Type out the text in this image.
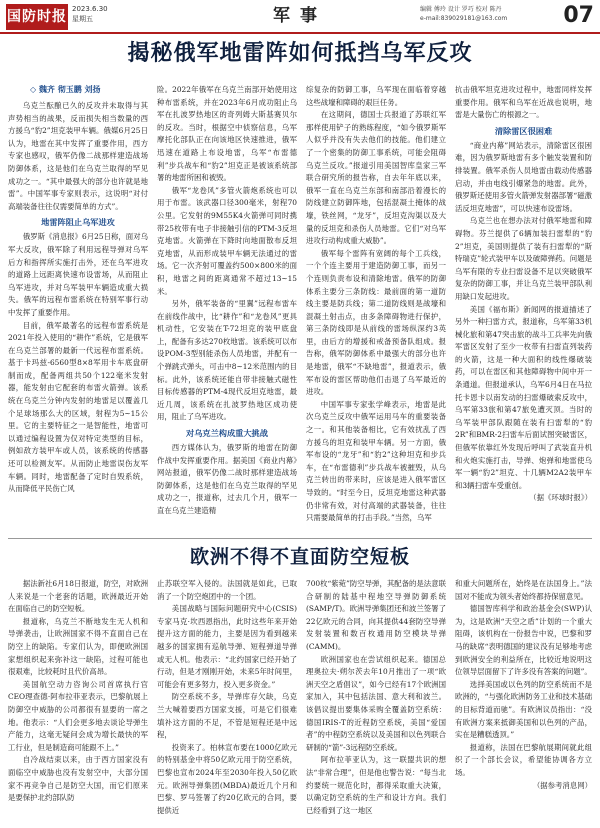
国防时报 2023.6.30
星期五	军事	编辑 傅玲 设计 罗巧 校对 陈丹
e-mail:839029181@163.com	07
揭秘俄军地雷阵如何抵挡乌军反攻
◇ 魏齐 彻玉鹏 刘扬

乌克兰酝酿已久的反攻并未取得与其声势相当的战果，反而损失相当数量的西方援乌“豹2”坦克装甲车辆。俄媒6月25日认为，地雷在其中发挥了重要作用，西方专家也感叹，俄军仍像二战那样建造战场防御体系，这是他们在乌克兰取得的罕见成功之一。“其中最强大的部分也许就是地雷”。中国军事专家则表示，这说明“对付高端装备往往仅需要简单的方式”。

地雷阵阻止乌军进攻

俄罗斯《消息报》6月25日称，面对乌军大反攻，俄军除了利用远程导弹对乌军后方和指挥所实施打击外，还在乌军进攻的道路上远距离快速布设雷场，从而阻止乌军进攻，并对乌军装甲车辆造成重大损失。俄军的远程布雷系统在特别军事行动中发挥了重要作用。

目前，俄军最著名的远程布雷系统是2021年投入使用的“耕作”系统，它是俄军在乌克兰部署的最新一代远程布雷系统。基于卡玛兹-6560型8×8军用卡车底盘研制而成，配备两组共50个122毫米发射器，能发射由它配套的布雷火箭弹。该系统在乌克兰分钟内发射的地雷足以覆盖几个足球场那么大的区域，射程为5~15公里。它的主要特征之一是智能性，地雷可以通过编程设置为仅对特定类型的目标，例如敌方装甲车或人员，该系统的传感器还可以检测友军。从而防止地雷误伤友军车辆。同时，地雷配备了定时自毁系统，从而降低平民伤亡风

险。2022年俄军在乌克兰南部开始使用这种布雷系统，并在2023年6月成功阻止乌军在扎波罗热地区的奇列姆大斯基赛贝尔的反攻。当时，根据空中侦察信息，乌军摩托化部队正在向该地区快速推进，俄军迅速在道路上布设地雷，乌军“布雷德利”步兵战车和“豹2”坦克正是被该系统部署的地雷所困和被毁。

俄军“龙卷风”多管火箭炮系统也可以用于布雷。该武器口径300毫米，射程70公里。它发射的9M55K4火箭弹可同时携带25枚带有电子非接触引信的PTM-3反坦克地雷。火箭弹在下降时向地面散布反坦克地雷，从而形成装甲车辆无法通过的雷场。它一次齐射可覆盖约500×800米的面积，地雷之间的距离通常不超过13~15米。

另外，俄军装备的“里翼”远程布雷车在前线作战中，比“耕作”和“龙卷风”更具机动性，它安装在T-72坦克的装甲底盘上，配备有多达270枚地雷。该系统可以布设POM-3型别能杀伤人员地雷，并配有一个弹跳式弹头，可击中8~12米范围内的目标。此外，该系统还能自带非接触式磁性目标传感器的PTM-4现代反坦克地雷，最近几周，该系统在扎波罗热地区成功使用，阻止了乌军进攻。

对乌克兰构成重大挑战

西方媒体认为，俄罗斯的地雷在防御作战中发挥重要作用。据美国《商业内幕》网站报道，俄军仍像二战时那样建造战场防御体系，这是他们在乌克兰取得的罕见成功之一，报道称，过去几个月，俄军一直在乌克兰建造精

综复杂的防御工事，乌军现在面临着穿越这些战壕和障碍的艰巨任务。

在这期间，德国士兵报道了苏联红军那样使用铲子的熟练程度，“如今俄罗斯军人似乎并没有失去他们的技能。他们建立了一个密集的防御工事系统，可能会阻碍乌克兰反攻。”报道引用美国智库皇家三军联合研究所的报告称，自去年年底以来，俄军一直在乌克兰东部和南部沿着漫长的防线建立防御阵地，包括混凝土掩体的战壕，铁丝网，“龙牙”，反坦克沟渠以及大量的反坦克和杀伤人员地雷。它们“对乌军进攻行动构成重大威胁”。

俄军每个雷阵有宽阔的每个工兵线，一个个连主要用于建造防御工事，而另一个连则负责布设和清除地雷。俄军的防御体系主要分三条防线：最前面的第一道防线主要是防兵线；第二道防线则是战壕和混凝土射击点，由多条障碍物进行保护，第三条防线即是从前线的雷场纵深约3英里，由后方的增援和戒备预备队组成。报告称，俄军防御体系中最强大的部分也许是地雷，俄军“不缺地雷”，报道表示，俄军布设的雷区帮助他们击退了乌军最近的进攻。

中国军事专家张学峰表示，地雷是此次乌克兰反攻中俄军运用马车的重要装备之一。和其他装备相比，它有效扰乱了西方援乌的坦克和装甲车辆。另一方面，俄军布设的“龙牙”和“豹2”这种坦克和步兵车，在“布雷德利”步兵战车被摧毁，从乌克兰转出的带来时，应该是进入俄军雷区导致的。“时至今日，反坦克地雷这种武器仍非常有效，对付高端的武器装备，往往只需要最简单的打击手段。”当然，乌军

抗击俄军坦克进攻过程中，地雷同样发挥重要作用。俄军和乌军在近战也说明，地雷是大量伤亡的根源之一。

清除雷区很困难

“商业内幕”网站表示，清除雷区很困难，因为俄罗斯地雷有多个触发装置和防排装置。俄军杀伤人员地雷由载动传感器启动，并由电线引爆紧急的地雷。此外，俄罗斯还使用多管火箭弹发射器部署“磁激活反坦克地雷”，可以快速布设雷场。

乌克兰也在想办法对付俄军地雷和障碍物。芬兰提供了6辆加装扫雷犁的“豹2”坦克，美国则提供了装有扫雷犁的“斯特瑞克”轮式装甲车以及破障弹药。问题是乌军有限的专业扫雷设备不足以突破俄军复杂的防御工事，并让乌克兰装甲部队利用缺口发起进攻。

美国《福布斯》新闻网的报道描述了另外一种扫雷方式，报道称，乌军第33机械化旅和第47突击旅的战斗工兵率先向俄军雷区发射了至少一枚带有扫雷直列装药的火箭，这是一种大面积的线性爆破装药，可以在雷区和其他障碍物中间中开一条通道。但报道承认，乌军6月4日在马拉托卡恩卡以南发动的扫雷爆破索反攻中，乌军第33旅和第47旅免遭灭顶。当时的乌军装甲部队跟随在装有扫雷犁的“豹2R”和BMR-2扫雷车后面试图突破雷区，但俄军依靠红外发现后呼叫了武装直升机和火炮实施打击，导弹、炮弹和地雷使乌军一辆“豹2”坦克、十几辆M2A2装甲车和3辆扫雷车受重创。

（据《环球时报》）

欧洲不得不直面防空短板

据法新社6月18日报道，防空，对欧洲人来说是一个老套的话题，欧洲最近开始在面临自己的防空短板。

报道称，乌克兰不断地发生无人机和导弹袭击，让欧洲国家不得不直面自己在防空上的缺陷。专家们认为，即便欧洲国家想组织起来弥补这一缺陷，过程可能也很艰难，比较耗时且代价高昂。

美国航空动力咨询公司首席执行官CEO理查德·阿布拉菲亚表示，巴黎航展上防御空中威胁的公司都很有显要的一席之地。他表示：“人们会更多地去谈论导弹生产能力，这毫无疑问会成为增长最快的军工行业，但是制造商可能跟不上。”

自冷战结束以来，由于西方国家没有面临空中威胁也没有发射空中，大部分国家不再竞争自己是防空大国，而它们原来是要保护北约部队防

止苏联空军入侵的。法国就是如此，已取消了一个防空炮团中的一个团。

美国战略与国际问题研究中心(CSIS)专家马克·坎西恩指出，此时这些年来开始提升这方面的能力，主要是因为看到越来越多的国家拥有巡航导弹、短程弹道导弹或无人机。他表示：“北约国家已经开始了行动，但是才刚刚开始，未来5年时间里，可能会有更多努力，投入更多资金。”

防空系统不多，导弹库存欠缺，乌克兰大喊着要西方国家支援，可是它们很难填补这方面的不足，不管是短程还是中远程，

投资来了。柏林宣布要在1000亿欧元的特别基金中将50亿欧元用于防空系统，巴黎也宣布2024年至2030年投入50亿欧元。欧洲导弹集团(MBDA)最近几个月和巴黎、罗马签署了约20亿欧元的合同，要提供近

700枚“紫菀”防空导弹，其配备的是法意联合研制的陆基中程地空导弹防御系统(SAMP/T)。欧洲导弹集团还和波兰签署了22亿欧元的合同，向其提供44套防空导弹发射装置和数百枚通用防空模块导弹(CAMM)。

欧洲国家也在尝试组织起来。德国总理奥拉夫·朔尔茨去年10月推出了一项“欧洲天空之盾倡议”，如今已经有17个欧洲国家加入，其中包括法国、意大利和波兰。该倡议提出要集体采购全覆盖防空系统：德国IRIS-T的近程防空系统，美国“爱国者”的中程防空系统以及美国和以色列联合研制的“箭”-3远程防空系统。

阿布拉菲亚认为，这一联盟共识的想法“非常合理”，但是他也警告说：“每当北约要统一规范化时，都得采取重大决策，以确定防空系统的生产和设计方向。我们已经看到了这一地区

和重大问题所在，始终是在法国身上。”法国对不能成为领头者始终都持保留意见。

德国智库科学和政治基金会(SWP)认为，这是欧洲“天空之盾”计划的一个重大阻碍，该机构在一份报告中说，巴黎和罗马的缺席“表明德国的建议没有足够地考虑到欧洲安全的利益所在，比较近地说明这位领导层面留下了许多没有答案的问题”。

选择美国或以色列的防空系统而不是欧洲的，“与强化欧洲防务工业和技术基础的目标背道而驰”。有欧洲议员指出：“没有欧洲方案来抵御美国和以色列的产品，实在是糟糕透顶。”

报道称，法国在巴黎航展期间就此组织了一个部长会议，希望能协调各方立场。

（据参考消息网）
